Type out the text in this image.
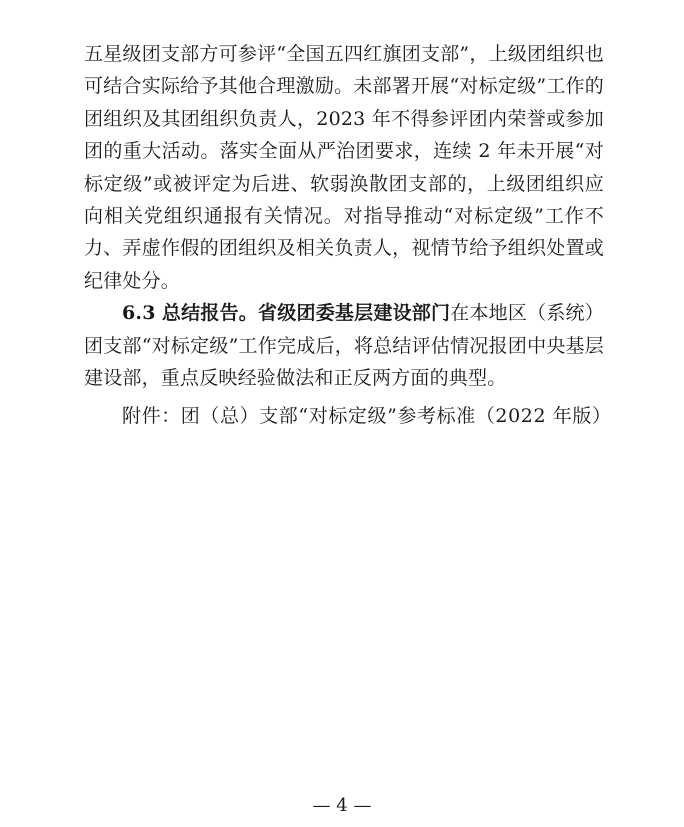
五星级团支部方可参评“全国五四红旗团支部”，上级团组织也可结合实际给予其他合理激励。未部署开展“对标定级”工作的团组织及其团组织负责人，2023 年不得参评团内荣誉或参加团的重大活动。落实全面从严治团要求，连续 2 年未开展“对标定级”或被评定为后进、软弱涣散团支部的，上级团组织应向相关党组织通报有关情况。对指导推动“对标定级”工作不力、弄虚作假的团组织及相关负责人，视情节给予组织处置或纪律处分。

6.3 总结报告。省级团委基层建设部门在本地区（系统）团支部“对标定级”工作完成后，将总结评估情况报团中央基层建设部，重点反映经验做法和正反两方面的典型。

附件：团（总）支部“对标定级”参考标准（2022 年版）
— 4 —
